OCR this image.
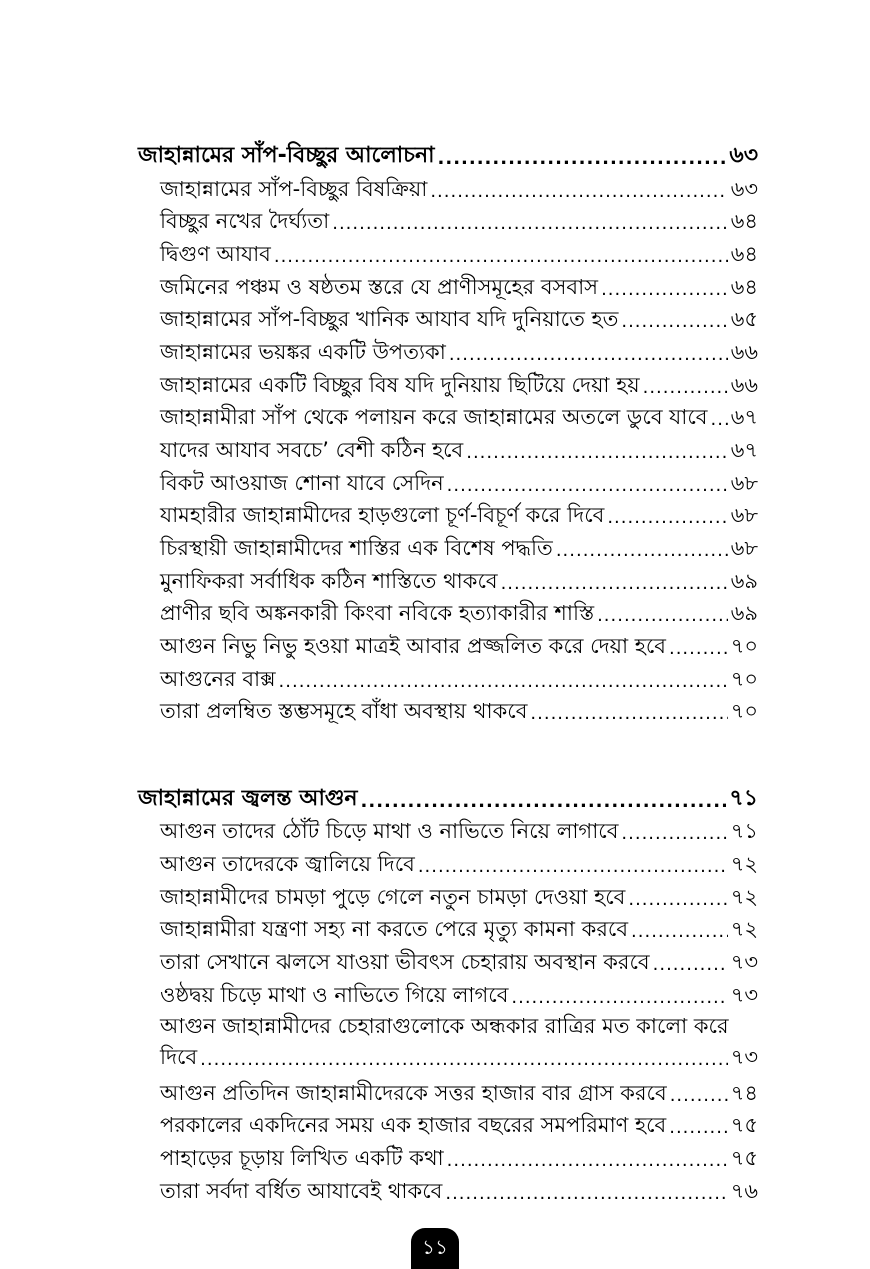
জাহান্নামের সাঁপ-বিচ্ছুর আলোচনা .....	৬৩
জাহান্নামের সাঁপ-বিচ্ছুর বিষক্রিয়া .....	৬৩
বিচ্ছুর নখের দৈর্ঘ্যতা .....	৬৪
দ্বিগুণ আযাব .....	৬৪
জমিনের পঞ্চম ও ষষ্ঠতম স্তরে যে প্রাণীসমূহের বসবাস .....	৬৪
জাহান্নামের সাঁপ-বিচ্ছুর খানিক আযাব যদি দুনিয়াতে হত .....	৬৫
জাহান্নামের ভয়ঙ্কর একটি উপত্যকা .....	৬৬
জাহান্নামের একটি বিচ্ছুর বিষ যদি দুনিয়ায় ছিটিয়ে দেয়া হয় .....	৬৬
জাহান্নামীরা সাঁপ থেকে পলায়ন করে জাহান্নামের অতলে ডুবে যাবে ..... ৬৭
যাদের আযাব সবচে’ বেশী কঠিন হবে .....	৬৭
বিকট আওয়াজ শোনা যাবে সেদিন .....	৬৮
যামহারীর জাহান্নামীদের হাড়গুলো চূর্ণ-বিচূর্ণ করে দিবে .....	৬৮
চিরস্থায়ী জাহান্নামীদের শাস্তির এক বিশেষ পদ্ধতি .....	৬৮
মুনাফিকরা সর্বাধিক কঠিন শাস্তিতে থাকবে .....	৬৯
প্রাণীর ছবি অঙ্কনকারী কিংবা নবিকে হত্যাকারীর শাস্তি .....	৬৯
আগুন নিভু নিভু হওয়া মাত্রই আবার প্রজ্জলিত করে দেয়া হবে .....	৭০
আগুনের বাক্স .....	৭০
তারা প্রলম্বিত স্তম্ভসমূহে বাঁধা অবস্থায় থাকবে .....	৭০
জাহান্নামের জ্বলন্ত আগুন .....	৭১
আগুন তাদের ঠোঁট চিড়ে মাথা ও নাভিতে নিয়ে লাগাবে .....	৭১
আগুন তাদেরকে জ্বালিয়ে দিবে .....	৭২
জাহান্নামীদের চামড়া পুড়ে গেলে নতুন চামড়া দেওয়া হবে .....	৭২
জাহান্নামীরা যন্ত্রণা সহ্য না করতে পেরে মৃত্যু কামনা করবে .....	৭২
তারা সেখানে ঝলসে যাওয়া ভীবৎস চেহারায় অবস্থান করবে .....	৭৩
ওষ্ঠদ্বয় চিড়ে মাথা ও নাভিতে গিয়ে লাগবে .....	৭৩
আগুন জাহান্নামীদের চেহারাগুলোকে অন্ধকার রাত্রির মত কালো করে
দিবে .....	৭৩
আগুন প্রতিদিন জাহান্নামীদেরকে সত্তর হাজার বার গ্রাস করবে .....	৭৪
পরকালের একদিনের সময় এক হাজার বছরের সমপরিমাণ হবে .....	৭৫
পাহাড়ের চূড়ায় লিখিত একটি কথা .....	৭৫
তারা সর্বদা বর্ধিত আযাবেই থাকবে .....	৭৬
১১
